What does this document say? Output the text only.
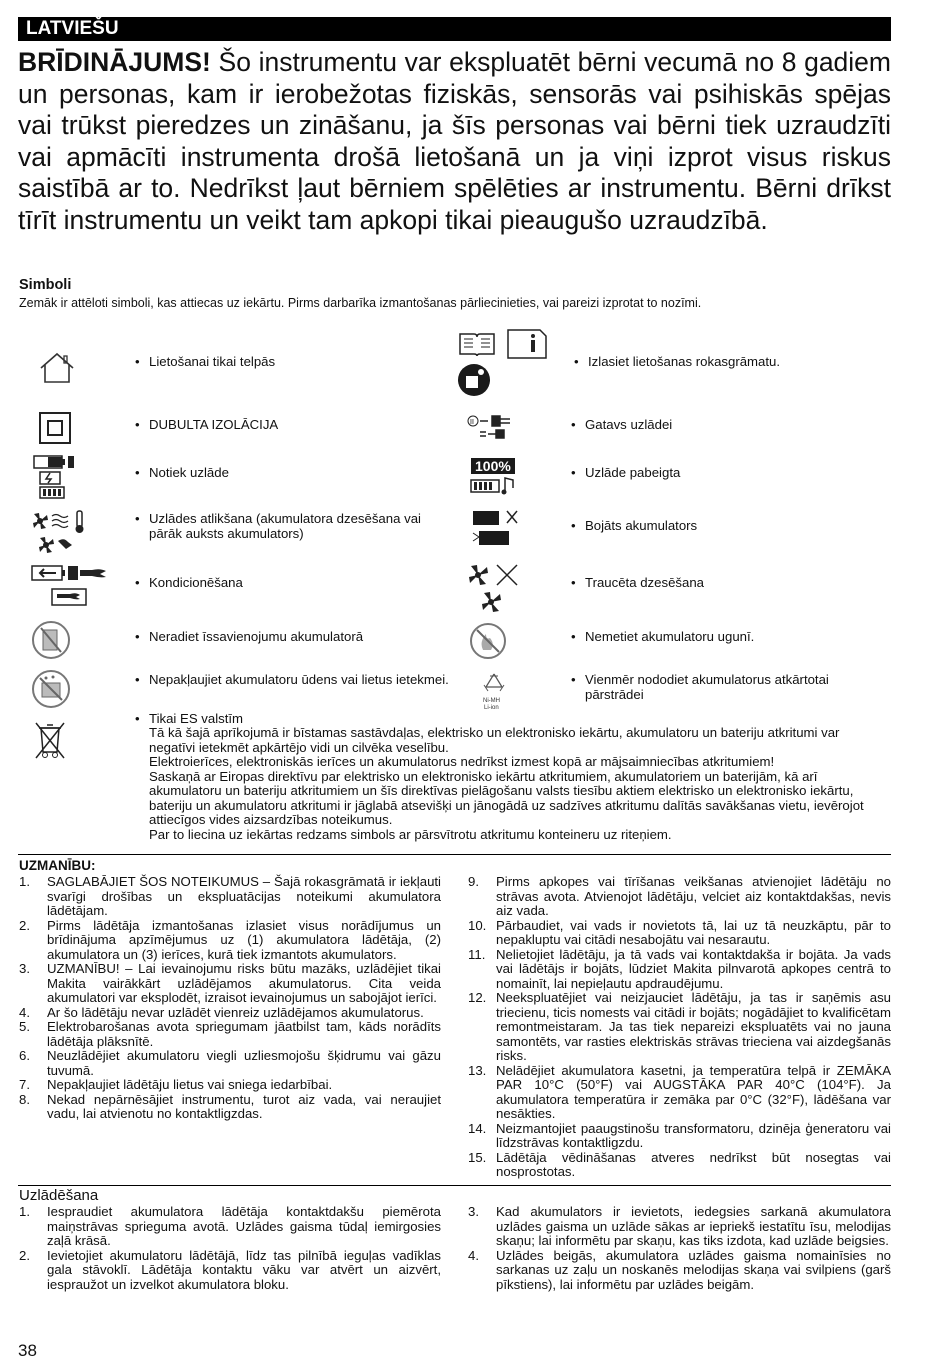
LATVIEŠU
BRĪDINĀJUMS! Šo instrumentu var ekspluatēt bērni vecumā no 8 gadiem un personas, kam ir ierobežotas fiziskās, sensorās vai psihiskās spējas vai trūkst pieredzes un zināšanu, ja šīs personas vai bērni tiek uzraudzīti vai apmācīti instrumenta drošā lietošanā un ja viņi izprot visus riskus saistībā ar to. Nedrīkst ļaut bērniem spēlēties ar instrumentu. Bērni drīkst tīrīt instrumentu un veikt tam apkopi tikai pieaugušo uzraudzībā.
Simboli
Zemāk ir attēloti simboli, kas attiecas uz iekārtu. Pirms darbarīka izmantošanas pārliecinieties, vai pareizi izprotat to nozīmi.
• Lietošanai tikai telpās
• DUBULTA IZOLĀCIJA
• Notiek uzlāde
• Uzlādes atlikšana (akumulatora dzesēšana vai pārāk auksts akumulators)
• Kondicionēšana
• Neradiet īssavienojumu akumulatorā
• Nepakļaujiet akumulatoru ūdens vai lietus ietekmei.
• Tikai ES valstīm
II
100%
Ni-MH
Li-ion
• Izlasiet lietošanas rokasgrāmatu.
• Gatavs uzlādei
• Uzlāde pabeigta
• Bojāts akumulators
• Traucēta dzesēšana
• Nemetiet akumulatoru ugunī.
• Vienmēr nododiet akumulatorus atkārtotai pārstrādei

Tā kā šajā aprīkojumā ir bīstamas sastāvdaļas, elektrisko un elektronisko iekārtu, akumulatoru un bateriju atkritumi var negatīvi ietekmēt apkārtējo vidi un cilvēka veselību.

Elektroierīces, elektroniskās ierīces un akumulatorus nedrīkst izmest kopā ar mājsaimniecības atkritumiem!

Saskaņā ar Eiropas direktīvu par elektrisko un elektronisko iekārtu atkritumiem, akumulatoriem un baterijām, kā arī akumulatoru un bateriju atkritumiem un šīs direktīvas pielāgošanu valsts tiesību aktiem elektrisko un elektronisko iekārtu, bateriju un akumulatoru atkritumi ir jāglabā atsevišķi un jānogādā uz sadzīves atkritumu dalītās savākšanas vietu, ievērojot attiecīgos vides aizsardzības noteikumus.

Par to liecina uz iekārtas redzams simbols ar pārsvītrotu atkritumu konteineru uz riteņiem.

UZMANĪBU:
1. SAGLABĀJIET ŠOS NOTEIKUMUS – Šajā rokasgrāmatā ir iekļauti svarīgi drošības un ekspluatācijas noteikumi akumulatora lādētājam.
2. Pirms lādētāja izmantošanas izlasiet visus norādījumus un brīdinājuma apzīmējumus uz (1) akumulatora lādētāja, (2) akumulatora un (3) ierīces, kurā tiek izmantots akumulators.
3. UZMANĪBU! – Lai ievainojumu risks būtu mazāks, uzlādējiet tikai Makita vairākkārt uzlādējamos akumulatorus. Cita veida akumulatori var eksplodēt, izraisot ievainojumus un sabojājot ierīci.
4. Ar šo lādētāju nevar uzlādēt vienreiz uzlādējamos akumulatorus.
5. Elektrobarošanas avota spriegumam jāatbilst tam, kāds norādīts lādētāja plāksnītē.
6. Neuzlādējiet akumulatoru viegli uzliesmojošu šķidrumu vai gāzu tuvumā.
7. Nepakļaujiet lādētāju lietus vai sniega iedarbībai.
8. Nekad nepārnēsājiet instrumentu, turot aiz vada, vai neraujiet vadu, lai atvienotu no kontaktligzdas.
9. Pirms apkopes vai tīrīšanas veikšanas atvienojiet lādētāju no strāvas avota. Atvienojot lādētāju, velciet aiz kontaktdakšas, nevis aiz vada.
10. Pārbaudiet, vai vads ir novietots tā, lai uz tā neuzkāptu, pār to nepakluptu vai citādi nesabojātu vai nesarautu.
11. Nelietojiet lādētāju, ja tā vads vai kontaktdakša ir bojāta. Ja vads vai lādētājs ir bojāts, lūdziet Makita pilnvarotā apkopes centrā to nomainīt, lai nepieļautu apdraudējumu.
12. Neekspluatējiet vai neizjauciet lādētāju, ja tas ir saņēmis asu triecienu, ticis nomests vai citādi ir bojāts; nogādājiet to kvalificētam remontmeistaram. Ja tas tiek nepareizi ekspluatēts vai no jauna samontēts, var rasties elektriskās strāvas trieciena vai aizdegšanās risks.
13. Nelādējiet akumulatora kasetni, ja temperatūra telpā ir ZEMĀKA PAR 10°C (50°F) vai AUGSTĀKA PAR 40°C (104°F). Ja akumulatora temperatūra ir zemāka par 0°C (32°F), lādēšana var nesākties.
14. Neizmantojiet paaugstinošu transformatoru, dzinēja ģeneratoru vai līdzstrāvas kontaktligzdu.
15. Lādētāja vēdināšanas atveres nedrīkst būt nosegtas vai nosprostotas.
Uzlādēšana
1. Iespraudiet akumulatora lādētāja kontaktdakšu piemērota maiņstrāvas sprieguma avotā. Uzlādes gaisma tūdaļ iemirgosies zaļā krāsā.
2. Ievietojiet akumulatoru lādētājā, līdz tas pilnībā ieguļas vadīklas gala stāvoklī. Lādētāja kontaktu vāku var atvērt un aizvērt, iespraužot un izvelkot akumulatora bloku.
3. Kad akumulators ir ievietots, iedegsies sarkanā akumulatora uzlādes gaisma un uzlāde sākas ar iepriekš iestatītu īsu, melodijas skaņu; lai informētu par skaņu, kas tiks izdota, kad uzlāde beigsies.
4. Uzlādes beigās, akumulatora uzlādes gaisma nomainīsies no sarkanas uz zaļu un noskanēs melodijas skaņa vai svilpiens (garš pīkstiens), lai informētu par uzlādes beigām.
38
